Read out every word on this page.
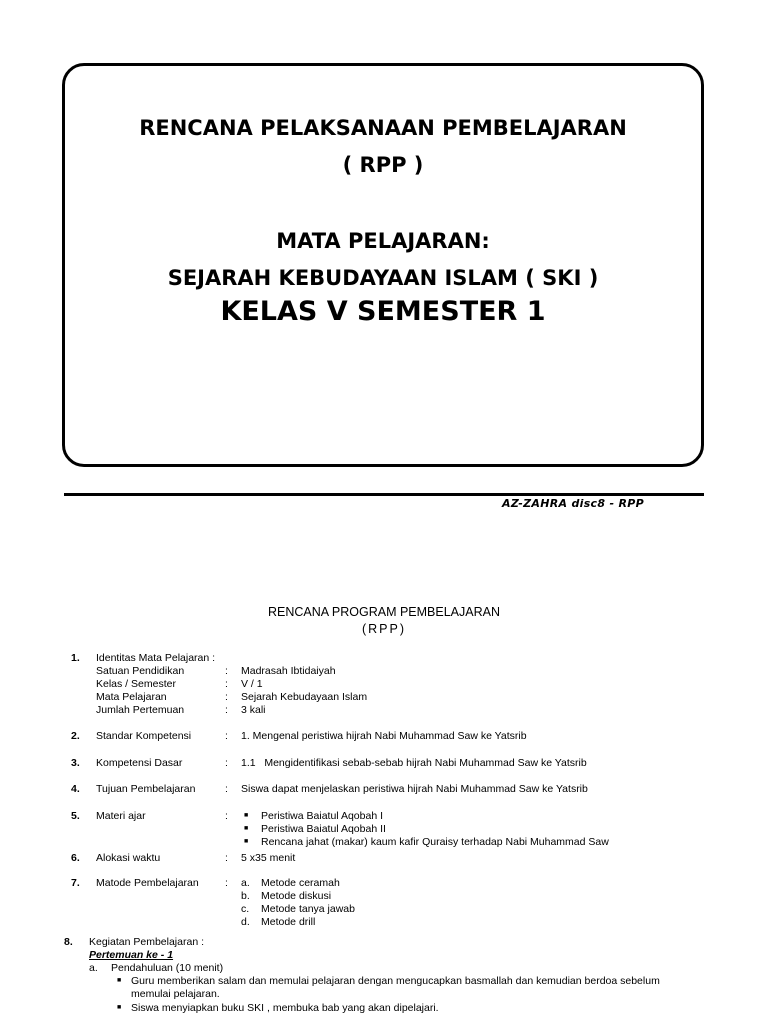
RENCANA PELAKSANAAN PEMBELAJARAN
( RPP )
MATA PELAJARAN:
SEJARAH KEBUDAYAAN ISLAM ( SKI )
KELAS V SEMESTER 1
AZ-ZAHRA disc8 - RPP
RENCANA PROGRAM PEMBELAJARAN
(RPP)
1. Identitas Mata Pelajaran :
Satuan Pendidikan	: Madrasah Ibtidaiyah
Kelas / Semester	: V / 1
Mata Pelajaran	: Sejarah Kebudayaan Islam
Jumlah Pertemuan	: 3 kali
2. Standar Kompetensi	: 1. Mengenal peristiwa hijrah Nabi Muhammad Saw ke Yatsrib
3. Kompetensi Dasar	: 1.1   Mengidentifikasi sebab-sebab hijrah Nabi Muhammad Saw ke Yatsrib
4. Tujuan Pembelajaran	: Siswa dapat menjelaskan peristiwa hijrah Nabi Muhammad Saw ke Yatsrib
5. Materi ajar	: ■ Peristiwa Baiatul Aqobah I
■ Peristiwa Baiatul Aqobah II
■ Rencana jahat (makar) kaum kafir Quraisy terhadap Nabi Muhammad Saw
6. Alokasi waktu	: 5 x35 menit
7. Matode Pembelajaran	: a. Metode ceramah
b. Metode diskusi
c. Metode tanya jawab
d. Metode drill
8. Kegiatan Pembelajaran :
Pertemuan ke - 1
a. Pendahuluan (10 menit)
■ Guru memberikan salam dan memulai pelajaran dengan mengucapkan basmallah dan kemudian berdoa sebelum memulai pelajaran.
■ Siswa menyiapkan buku SKI , membuka bab yang akan dipelajari.
